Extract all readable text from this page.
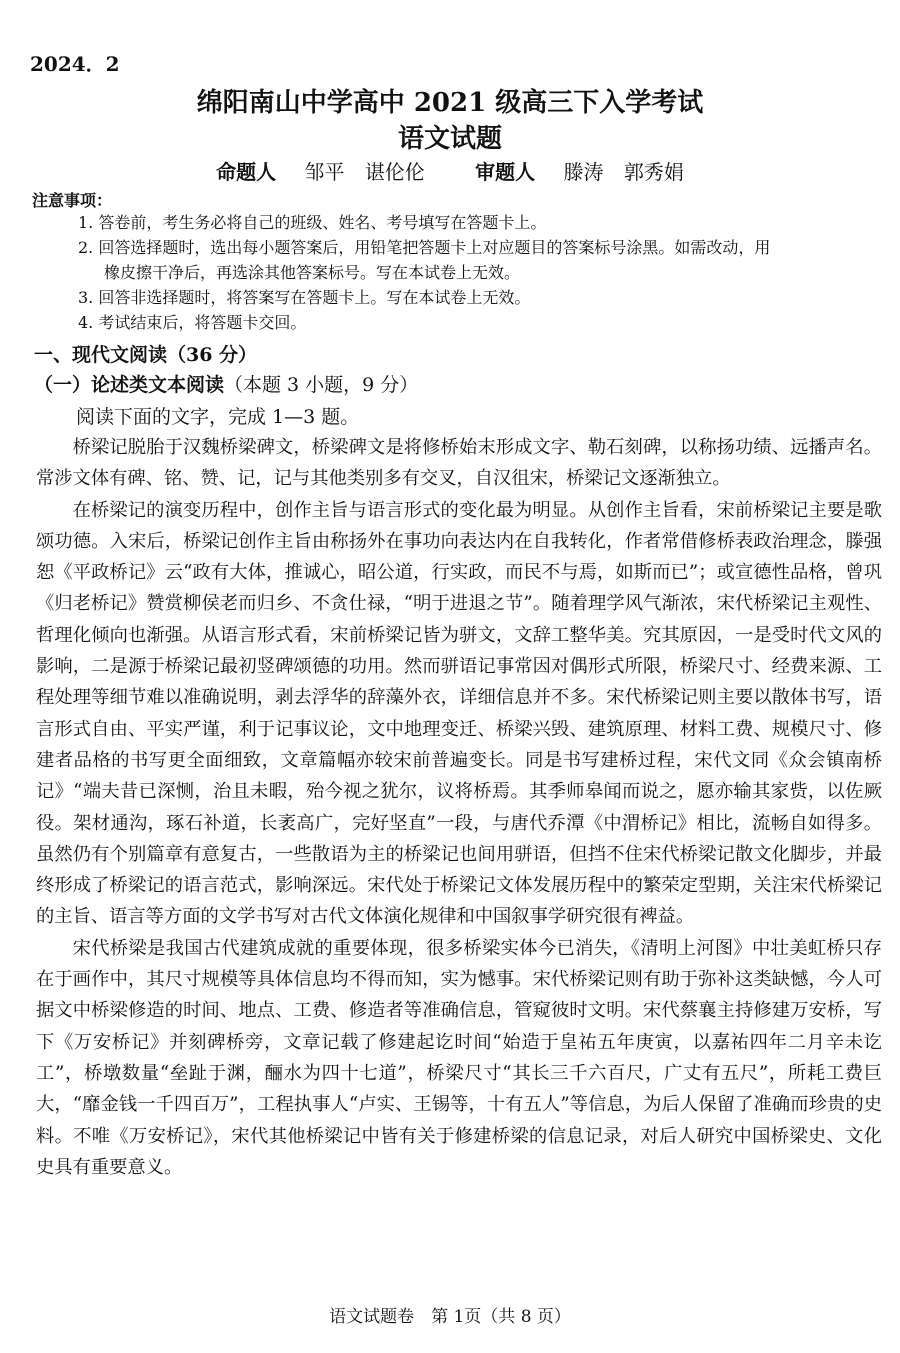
2024．2
绵阳南山中学高中 2021 级高三下入学考试
语文试题
命题人 邹平 谌伦伦	审题人 滕涛 郭秀娟
注意事项：

1. 答卷前，考生务必将自己的班级、姓名、考号填写在答题卡上。

2. 回答选择题时，选出每小题答案后，用铅笔把答题卡上对应题目的答案标号涂黑。如需改动，用

橡皮擦干净后，再选涂其他答案标号。写在本试卷上无效。

3. 回答非选择题时，将答案写在答题卡上。写在本试卷上无效。

4. 考试结束后，将答题卡交回。

一、现代文阅读（36 分）
（一）论述类文本阅读（本题 3 小题，9 分）
阅读下面的文字，完成 1—3 题。

桥梁记脱胎于汉魏桥梁碑文，桥梁碑文是将修桥始末形成文字、勒石刻碑，以称扬功绩、远播声名。常涉文体有碑、铭、赞、记，记与其他类别多有交叉，自汉徂宋，桥梁记文逐渐独立。

在桥梁记的演变历程中，创作主旨与语言形式的变化最为明显。从创作主旨看，宋前桥梁记主要是歌颂功德。入宋后，桥梁记创作主旨由称扬外在事功向表达内在自我转化，作者常借修桥表政治理念，滕强恕《平政桥记》云“政有大体，推诚心，昭公道，行实政，而民不与焉，如斯而已”；或宣德性品格，曾巩《归老桥记》赞赏柳侯老而归乡、不贪仕禄，“明于进退之节”。随着理学风气渐浓，宋代桥梁记主观性、哲理化倾向也渐强。从语言形式看，宋前桥梁记皆为骈文，文辞工整华美。究其原因，一是受时代文风的影响，二是源于桥梁记最初竖碑颂德的功用。然而骈语记事常因对偶形式所限，桥梁尺寸、经费来源、工程处理等细节难以准确说明，剥去浮华的辞藻外衣，详细信息并不多。宋代桥梁记则主要以散体书写，语言形式自由、平实严谨，利于记事议论，文中地理变迁、桥梁兴毁、建筑原理、材料工费、规模尺寸、修建者品格的书写更全面细致，文章篇幅亦较宋前普遍变长。同是书写建桥过程，宋代文同《众会镇南桥记》“端夫昔已深恻，治且未暇，殆今视之犹尔，议将桥焉。其季师皋闻而说之，愿亦输其家赀，以佐厥役。架材通沟，琢石补道，长袤高广，完好坚直”一段，与唐代乔潭《中渭桥记》相比，流畅自如得多。虽然仍有个别篇章有意复古，一些散语为主的桥梁记也间用骈语，但挡不住宋代桥梁记散文化脚步，并最终形成了桥梁记的语言范式，影响深远。宋代处于桥梁记文体发展历程中的繁荣定型期，关注宋代桥梁记的主旨、语言等方面的文学书写对古代文体演化规律和中国叙事学研究很有裨益。

宋代桥梁是我国古代建筑成就的重要体现，很多桥梁实体今已消失，《清明上河图》中壮美虹桥只存在于画作中，其尺寸规模等具体信息均不得而知，实为憾事。宋代桥梁记则有助于弥补这类缺憾，今人可据文中桥梁修造的时间、地点、工费、修造者等准确信息，管窥彼时文明。宋代蔡襄主持修建万安桥，写下《万安桥记》并刻碑桥旁，文章记载了修建起讫时间“始造于皇祐五年庚寅，以嘉祐四年二月辛未讫工”，桥墩数量“垒趾于渊，酾水为四十七道”，桥梁尺寸“其长三千六百尺，广丈有五尺”，所耗工费巨大，“靡金钱一千四百万”，工程执事人“卢实、王锡等，十有五人”等信息，为后人保留了准确而珍贵的史料。不唯《万安桥记》，宋代其他桥梁记中皆有关于修建桥梁的信息记录，对后人研究中国桥梁史、文化史具有重要意义。

语文试题卷　第 1页（共 8 页）
